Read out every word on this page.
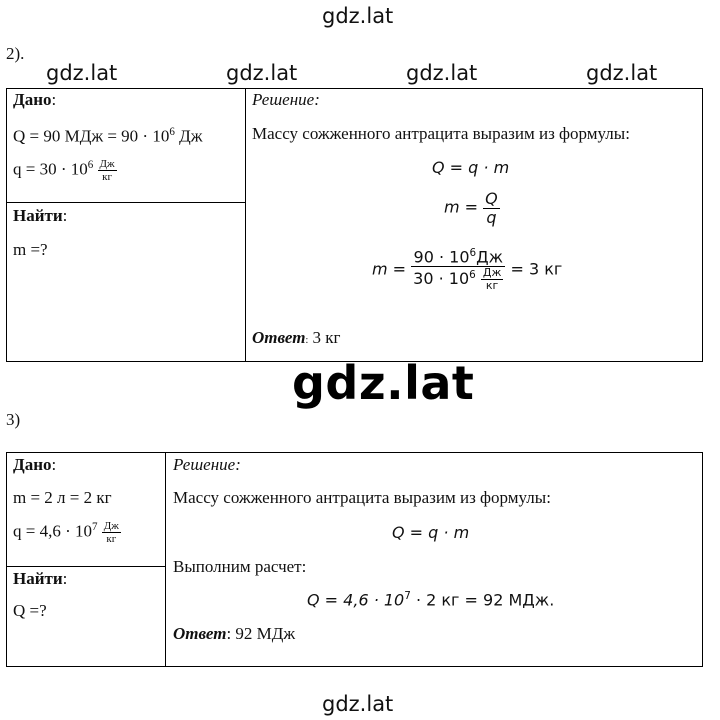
gdz.lat
gdz.lat	gdz.lat	gdz.lat	gdz.lat
2).
Дано:
Q = 90 МДж = $90 \cdot 10^6$ Дж
$q = 30 \cdot 10^6 \frac{Дж}{кг}$
Найти:
m =?
Решение:
Массу сожженного антрацита выразим из формулы:
Q = q · m
$m = \frac{Q}{q}$
$m = \frac{90 \cdot 10^6Дж}{30 \cdot 10^6 \frac{Дж}{кг}} = 3$ кг
Ответ: 3 кг
gdz.lat
3)
Дано:
m = 2 л = 2 кг
$q = 4,6 \cdot 10^7 \frac{Дж}{кг}$
Найти:
Q =?
Решение:
Массу сожженного антрацита выразим из формулы:
Q = q · m
Выполним расчет:
$Q = 4,6 \cdot 10^7 \cdot 2$ кг = 92 МДж.
Ответ: 92 МДж
gdz.lat
